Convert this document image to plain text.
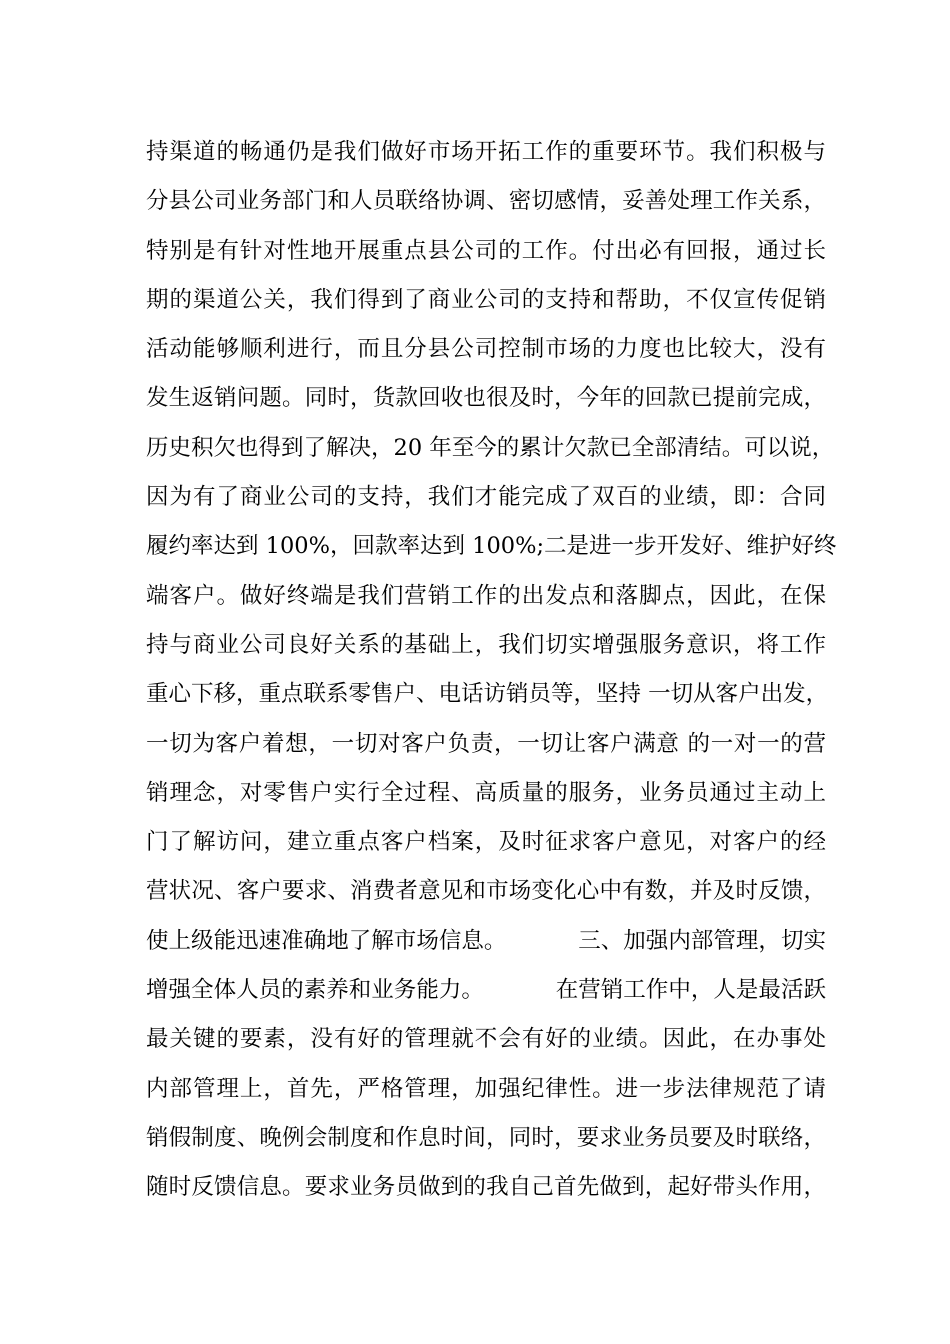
持渠道的畅通仍是我们做好市场开拓工作的重要环节。我们积极与
分县公司业务部门和人员联络协调、密切感情，妥善处理工作关系，
特别是有针对性地开展重点县公司的工作。付出必有回报，通过长
期的渠道公关，我们得到了商业公司的支持和帮助，不仅宣传促销
活动能够顺利进行，而且分县公司控制市场的力度也比较大，没有
发生返销问题。同时，货款回收也很及时，今年的回款已提前完成，
历史积欠也得到了解决，20 年至今的累计欠款已全部清结。可以说，
因为有了商业公司的支持，我们才能完成了双百的业绩，即：合同
履约率达到 100%，回款率达到 100%;二是进一步开发好、维护好终
端客户。做好终端是我们营销工作的出发点和落脚点，因此，在保
持与商业公司良好关系的基础上，我们切实增强服务意识，将工作
重心下移，重点联系零售户、电话访销员等，坚持 一切从客户出发，
一切为客户着想，一切对客户负责，一切让客户满意 的一对一的营
销理念，对零售户实行全过程、高质量的服务，业务员通过主动上
门了解访问，建立重点客户档案，及时征求客户意见，对客户的经
营状况、客户要求、消费者意见和市场变化心中有数，并及时反馈，
使上级能迅速准确地了解市场信息。          三、加强内部管理，切实
增强全体人员的素养和业务能力。          在营销工作中，人是最活跃
最关键的要素，没有好的管理就不会有好的业绩。因此，在办事处
内部管理上，首先，严格管理，加强纪律性。进一步法律规范了请
销假制度、晚例会制度和作息时间，同时，要求业务员要及时联络，
随时反馈信息。要求业务员做到的我自己首先做到，起好带头作用，
